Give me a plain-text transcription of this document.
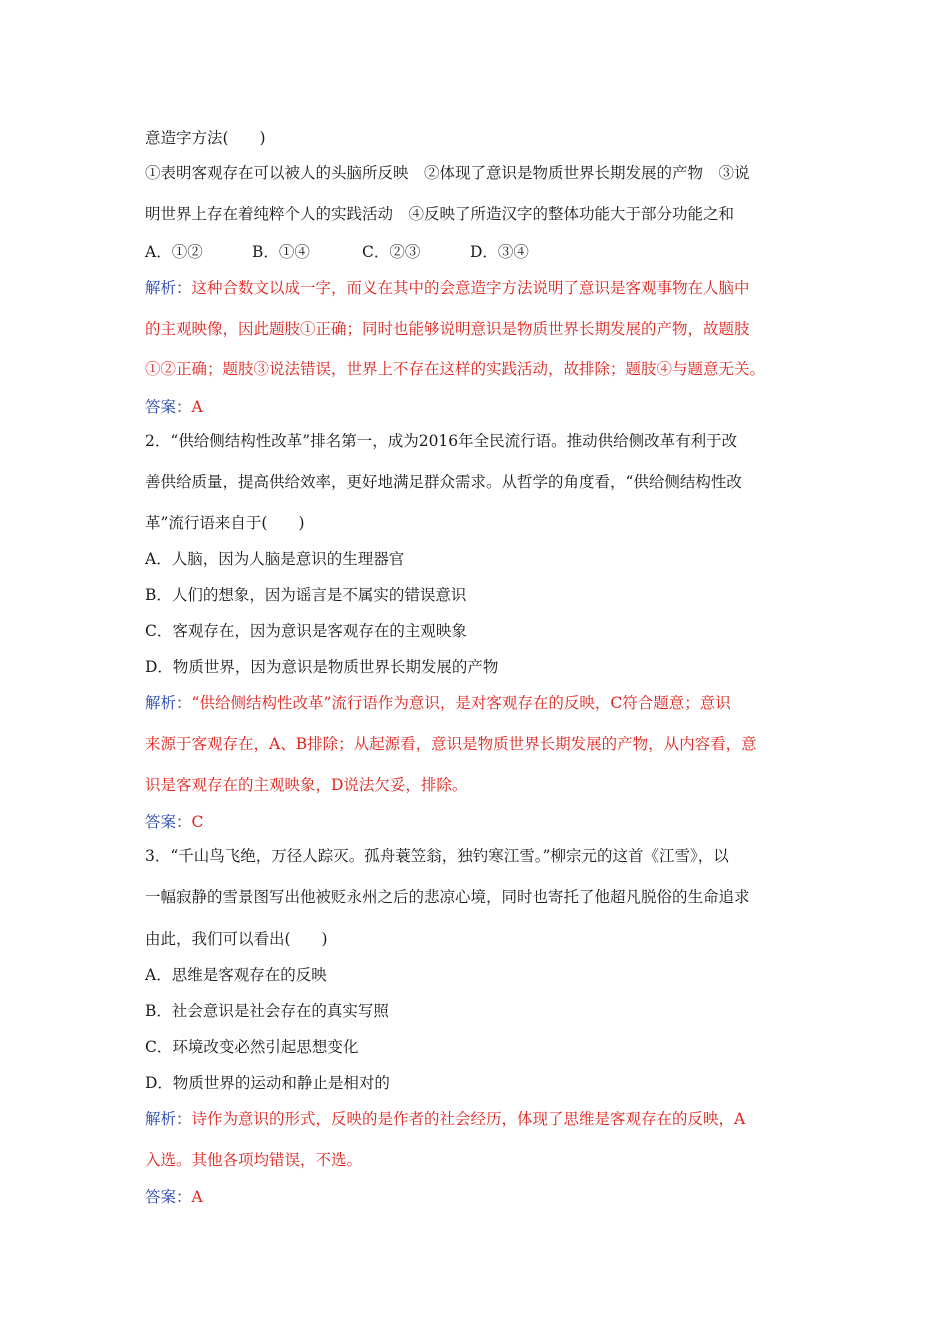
意造字方法(　　)
①表明客观存在可以被人的头脑所反映　②体现了意识是物质世界长期发展的产物　③说
明世界上存在着纯粹个人的实践活动　④反映了所造汉字的整体功能大于部分功能之和
A．①②	B．①④	C．②③	D．③④
解析：这种合数文以成一字，而义在其中的会意造字方法说明了意识是客观事物在人脑中
的主观映像，因此题肢①正确；同时也能够说明意识是物质世界长期发展的产物，故题肢
①②正确；题肢③说法错误，世界上不存在这样的实践活动，故排除；题肢④与题意无关。
答案：A
2．“供给侧结构性改革”排名第一，成为2016年全民流行语。推动供给侧改革有利于改
善供给质量，提高供给效率，更好地满足群众需求。从哲学的角度看，“供给侧结构性改
革”流行语来自于(　　)
A．人脑，因为人脑是意识的生理器官
B．人们的想象，因为谣言是不属实的错误意识
C．客观存在，因为意识是客观存在的主观映象
D．物质世界，因为意识是物质世界长期发展的产物
解析：“供给侧结构性改革”流行语作为意识，是对客观存在的反映，C符合题意；意识
来源于客观存在，A、B排除；从起源看，意识是物质世界长期发展的产物，从内容看，意
识是客观存在的主观映象，D说法欠妥，排除。
答案：C
3．“千山鸟飞绝，万径人踪灭。孤舟蓑笠翁，独钓寒江雪。”柳宗元的这首《江雪》，以
一幅寂静的雪景图写出他被贬永州之后的悲凉心境，同时也寄托了他超凡脱俗的生命追求
由此，我们可以看出(　　)
A．思维是客观存在的反映
B．社会意识是社会存在的真实写照
C．环境改变必然引起思想变化
D．物质世界的运动和静止是相对的
解析：诗作为意识的形式，反映的是作者的社会经历，体现了思维是客观存在的反映，A
入选。其他各项均错误，不选。
答案：A
